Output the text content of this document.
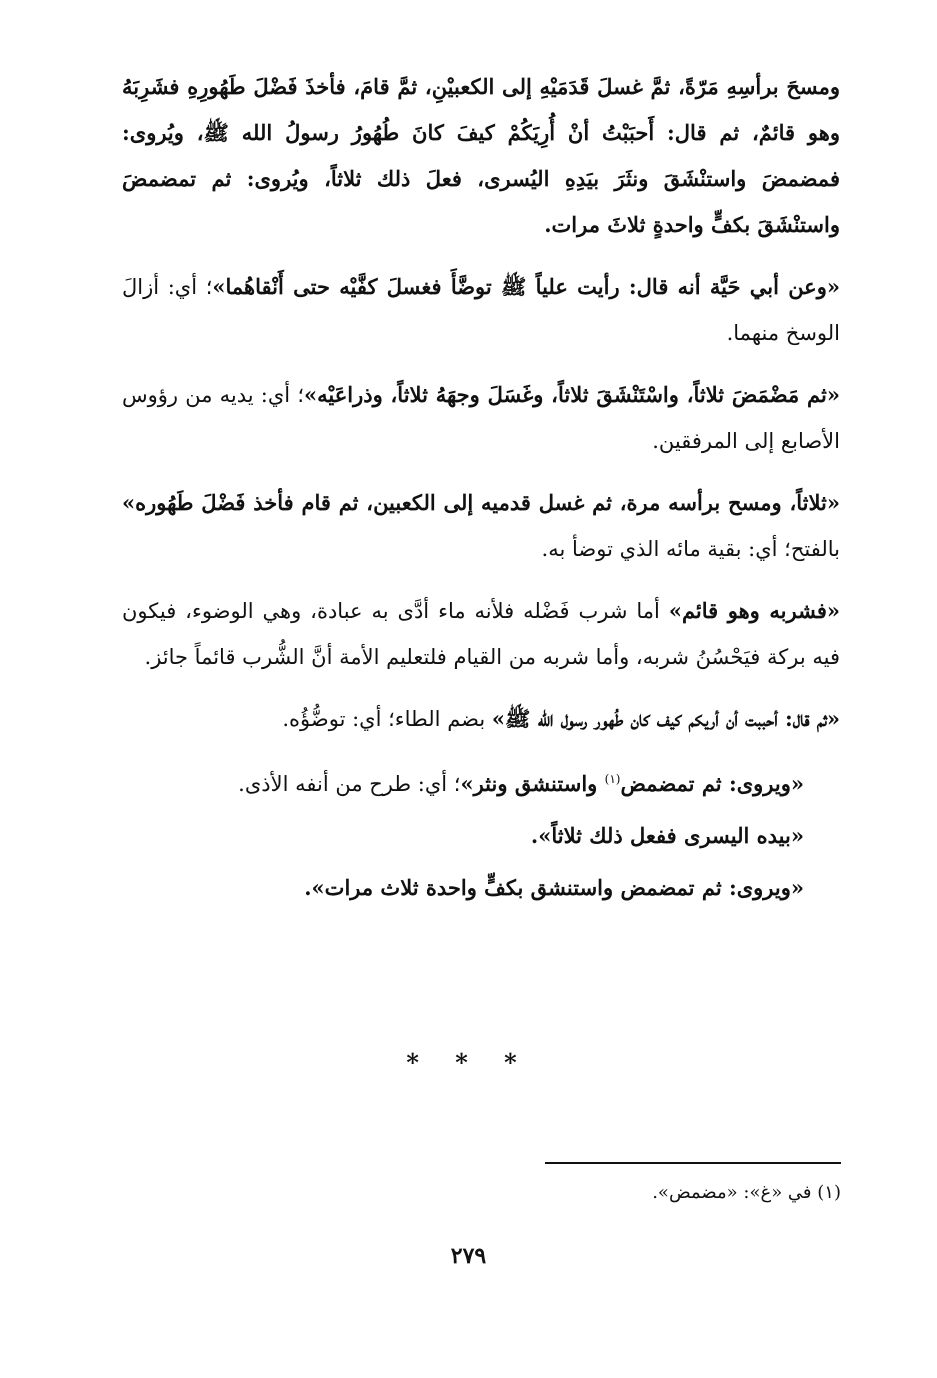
ومسحَ برأسِهِ مَرّةً، ثمَّ غسلَ قَدَمَيْهِ إلى الكعبيْنِ، ثمَّ قامَ، فأخذَ فَضْلَ طَهُورِهِ فشَرِبَهُ وهو قائمٌ، ثم قال: أَحبَبْتُ أنْ أُرِيَكُمْ كيفَ كانَ طُهُورُ رسولُ الله ﷺ، ويُروى: فمضمضَ واستنْشَقَ ونثَرَ بيَدِهِ اليُسرى، فعلَ ذلك ثلاثاً، ويُروى: ثم تمضمضَ واستنْشَقَ بكفٍّ واحدةٍ ثلاثَ مرات.

«وعن أبي حَيَّة أنه قال: رأيت علياً ﷺ توضَّأَ فغسلَ كفَّيْه حتى أَنْقاهُما»؛ أي: أزالَ الوسخ منهما.

«ثم مَضْمَضَ ثلاثاً، واسْتَنْشَقَ ثلاثاً، وغَسَلَ وجهَهُ ثلاثاً، وذراعَيْه»؛ أي: يديه من رؤوس الأصابع إلى المرفقين.

«ثلاثاً، ومسح برأسه مرة، ثم غسل قدميه إلى الكعبين، ثم قام فأخذ فَضْلَ طَهُوره» بالفتح؛ أي: بقية مائه الذي توضأ به.

«فشربه وهو قائم» أما شرب فَضْله فلأنه ماء أدَّى به عبادة، وهي الوضوء، فيكون فيه بركة فيَحْسُنُ شربه، وأما شربه من القيام فلتعليم الأمة أنَّ الشُّرب قائماً جائز.

«ثم قال: أحببت أن أريكم كيف كان طُهور رسول الله ﷺ» بضم الطاء؛ أي: توضُّؤُه.

«ويروى: ثم تمضمض$^{(١)}$ واستنشق ونثر»؛ أي: طرح من أنفه الأذى.

«بيده اليسرى ففعل ذلك ثلاثاً».

«ويروى: ثم تمضمض واستنشق بكفٍّ واحدة ثلاث مرات».

* * *
(١) في «غ»: «مضمض».
٢٧٩
